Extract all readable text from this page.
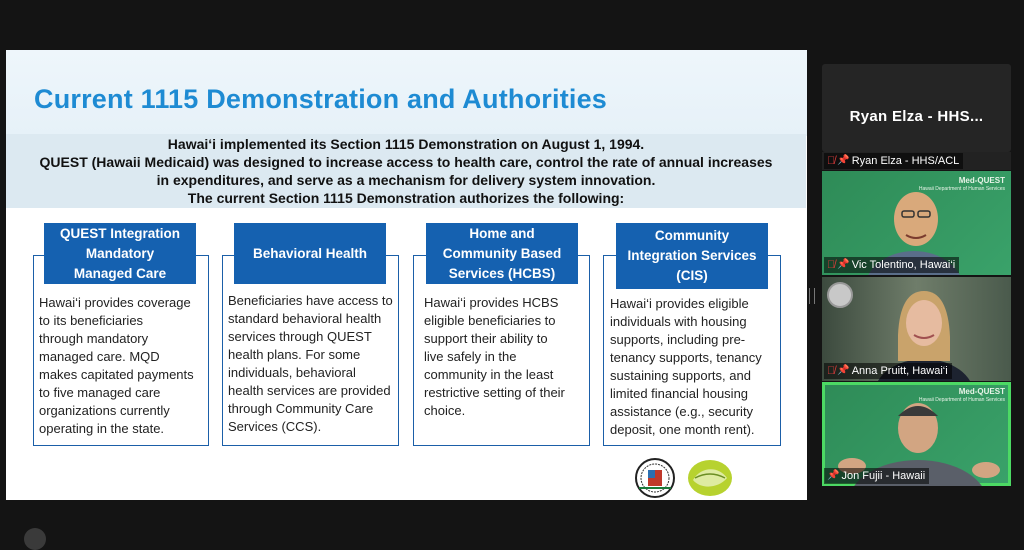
Current 1115 Demonstration and Authorities
Hawai‘i implemented its Section 1115 Demonstration on August 1, 1994.
QUEST (Hawaii Medicaid) was designed to increase access to health care, control the rate of annual increases
in expenditures, and serve as a mechanism for delivery system innovation.
The current Section 1115 Demonstration authorizes the following:
QUEST Integration
Mandatory
Managed Care
Hawai‘i provides coverage
to its beneficiaries
through mandatory
managed care. MQD
makes capitated payments
to five managed care
organizations currently
operating in the state.
Behavioral Health
Beneficiaries have access to
standard behavioral health
services through QUEST
health plans. For some
individuals, behavioral
health services are provided
through Community Care
Services (CCS).
Home and
Community Based
Services (HCBS)
Hawai‘i provides HCBS
eligible beneficiaries to
support their ability to
live safely in the
community in the least
restrictive setting of their
choice.
Community
Integration Services
(CIS)
Hawai‘i provides eligible
individuals with housing
supports, including pre-
tenancy supports, tenancy
sustaining supports, and
limited financial housing
assistance (e.g., security
deposit, one month rent).
Ryan Elza - HHS...
🎙̸ 📌 Ryan Elza - HHS/ACL
Med-QUEST
Hawaii Department of Human Services
🎙̸ 📌 Vic Tolentino, Hawai‘i
🎙̸ 📌 Anna Pruitt, Hawai‘i
Med-QUEST
Hawaii Department of Human Services
📌 Jon Fujii - Hawaii
